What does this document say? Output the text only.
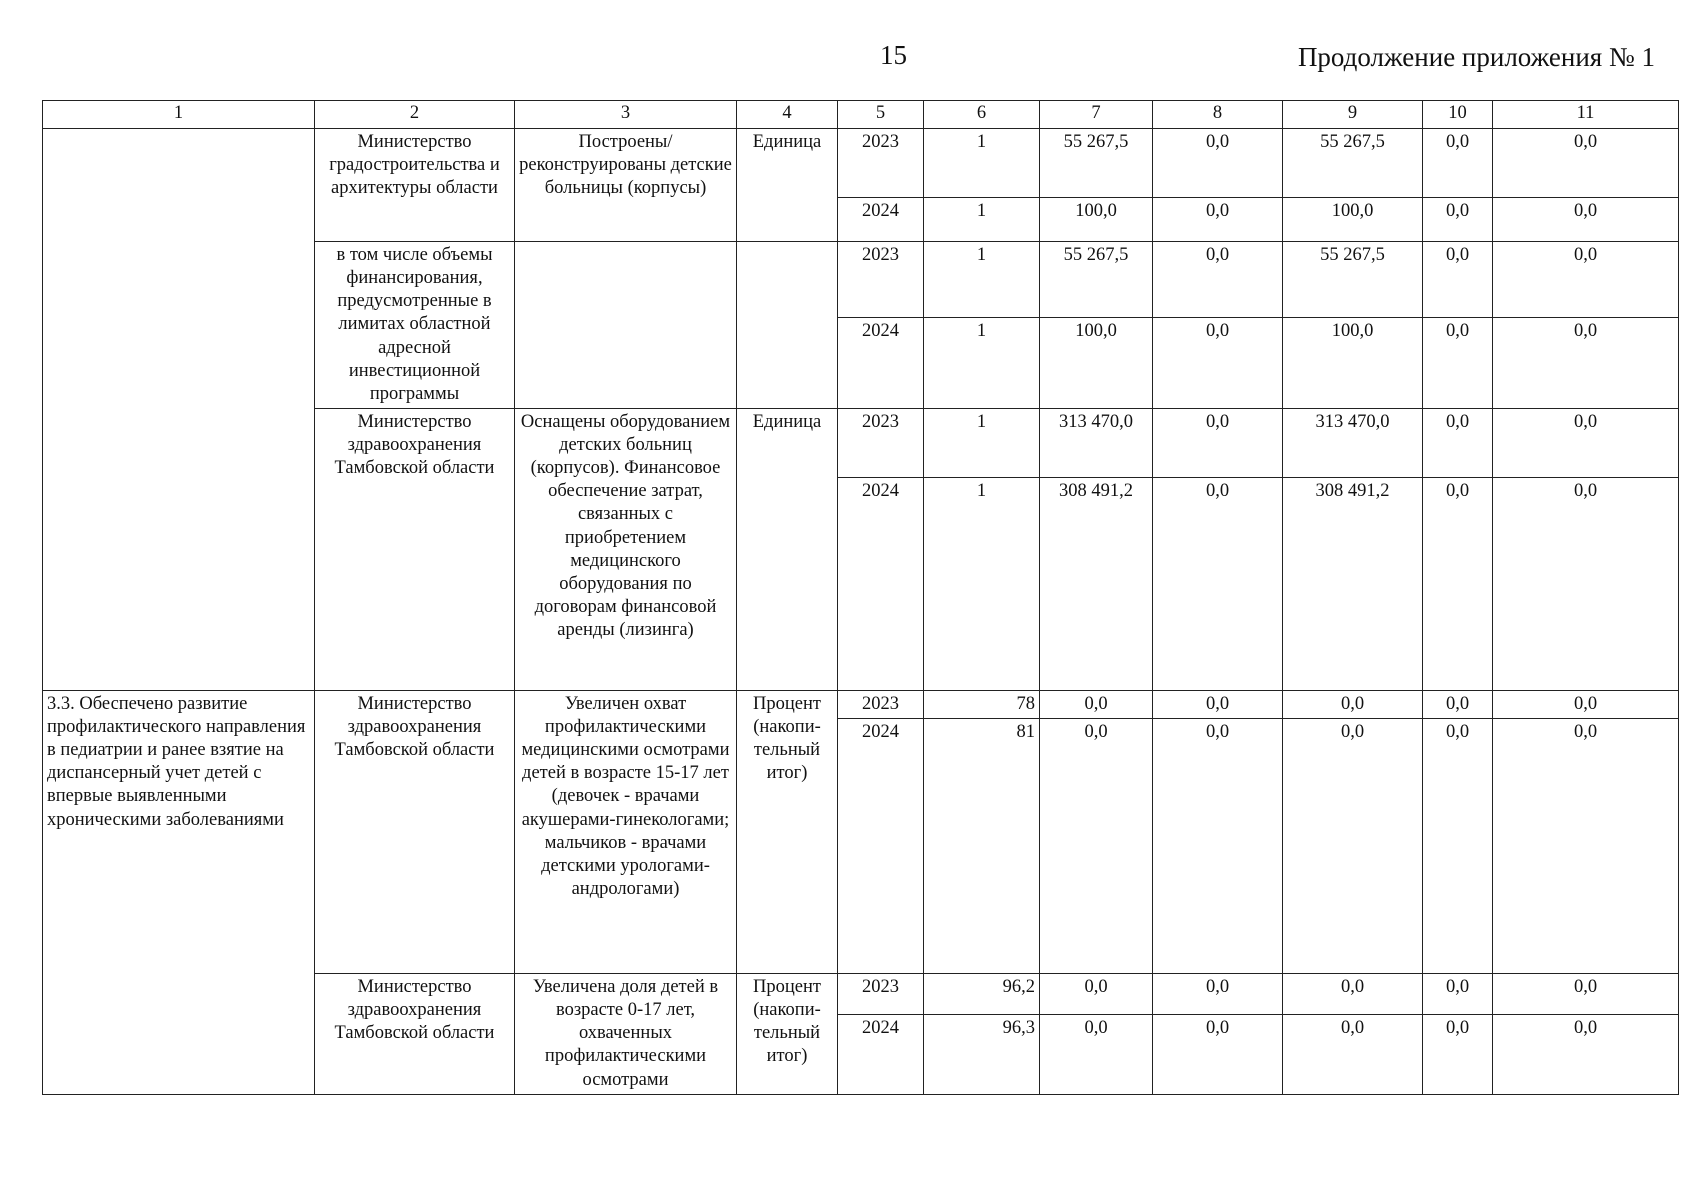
15	Продолжение приложения № 1
1	2	3	4	5	6	7	8	9	10	11
	Министерство градостроительства и архитектуры области	Построены/ реконструированы детские больницы (корпусы)	Единица	2023	1	55 267,5	0,0	55 267,5	0,0	0,0
				2024	1	100,0	0,0	100,0	0,0	0,0
	в том числе объемы финансирования, предусмотренные в лимитах областной адресной инвестиционной программы			2023	1	55 267,5	0,0	55 267,5	0,0	0,0
				2024	1	100,0	0,0	100,0	0,0	0,0
	Министерство здравоохранения Тамбовской области	Оснащены оборудованием детских больниц (корпусов). Финансовое обеспечение затрат, связанных с приобретением медицинского оборудования по договорам финансовой аренды (лизинга)	Единица	2023	1	313 470,0	0,0	313 470,0	0,0	0,0
				2024	1	308 491,2	0,0	308 491,2	0,0	0,0
3.3. Обеспечено развитие профилактического направления в педиатрии и ранее взятие на диспансерный учет детей с впервые выявленными хроническими заболеваниями	Министерство здравоохранения Тамбовской области	Увеличен охват профилактическими медицинскими осмотрами детей в возрасте 15-17 лет (девочек - врачами акушерами-гинекологами; мальчиков - врачами детскими урологами-андрологами)	Процент (накопи-тельный итог)	2023	78	0,0	0,0	0,0	0,0	0,0
				2024	81	0,0	0,0	0,0	0,0	0,0
	Министерство здравоохранения Тамбовской области	Увеличена доля детей в возрасте 0-17 лет, охваченных профилактическими осмотрами	Процент (накопи-тельный итог)	2023	96,2	0,0	0,0	0,0	0,0	0,0
				2024	96,3	0,0	0,0	0,0	0,0	0,0
